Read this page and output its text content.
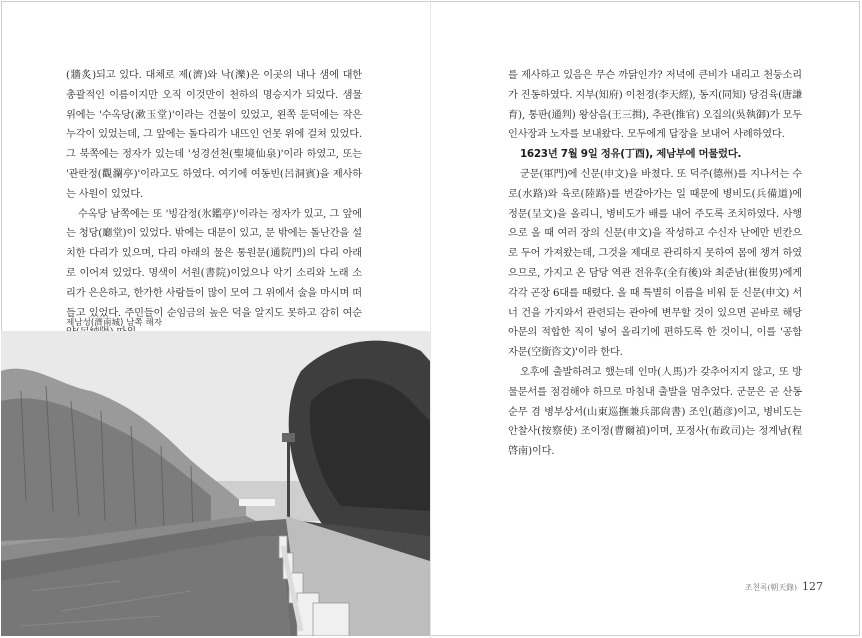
(牆炙)되고 있다. 대체로 제(濟)와 낙(濼)은 이곳의 내나 샘에 대한 총괄적인 이름이지만 오직 이것만이 천하의 명승지가 되었다. 샘물 위에는 '수옥당(漱玉堂)'이라는 건물이 있었고, 왼쪽 둔덕에는 작은 누각이 있었는데, 그 앞에는 돌다리가 내뜨인 언못 위에 걸쳐 있었다. 그 북쪽에는 정자가 있는데 '성경선천(聖境仙泉)'이라 하였고, 또는 '관란정(觀瀾亭)'이라고도 하였다. 여기에 여동빈(呂洞賓)을 제사하는 사원이 있었다.

수옥당 남쪽에는 또 '빙감정(氷鑑亭)'이라는 정자가 있고, 그 앞에는 청당(廳堂)이 있었다. 밖에는 대문이 있고, 문 밖에는 돌난간을 설치한 다리가 있으며, 다리 아래의 물은 통원문(通院門)의 다리 아래로 이어져 있었다. 명색이 서원(書院)이었으나 악기 소리와 노래 소리가 은은하고, 한가한 사람들이 많이 모여 그 위에서 술을 마시며 떠들고 있었다. 주민들이 순임금의 높은 덕을 알지도 못하고 감히 여순

제남성(濟南城) 남쪽 해자

를 제사하고 있음은 무슨 까닭인가? 저녁에 큰비가 내리고 천둥소리가 진동하였다. 지부(知府) 이천경(李天經), 동지(同知) 당검육(唐謙育), 통판(通判) 왕삼음(王三揖), 추관(推官) 오집의(吳執御)가 모두 인사장과 노자를 보내왔다. 모두에게 답장을 보내어 사례하였다.

1623년 7월 9일 정유(丁酉), 제남부에 머물렀다.

군문(軍門)에 신문(申文)을 바쳤다. 또 덕주(德州)를 지나서는 수로(水路)와 육로(陸路)를 번갈아가는 일 때문에 병비도(兵備道)에 정문(呈文)을 올리니, 병비도가 배를 내어 주도록 조치하였다. 사행으로 올 때 여러 장의 신문(申文)을 작성하고 수신자 난에만 빈칸으로 두어 가져왔는데, 그것을 제대로 관리하지 못하여 몸에 챙겨 하였으므로, 가지고 온 담당 역관 전유후(全有後)와 최준남(崔俊男)에게 각각 곤장 6대를 때렸다. 올 때 특별히 이름을 비워 둔 신문(申文) 서너 건을 가지와서 관련되는 관아에 변무할 것이 있으면 곧바로 해당 아문의 적합한 직이 넣어 올리기에 편하도록 한 것이니, 이를 '공함자문(空銜咨文)'이라 한다.

오후에 출발하려고 했는데 인마(人馬)가 갖추어지지 않고, 또 방물문서를 점검해야 하므로 마침내 출발을 멈추었다. 군문은 곧 산동순무 겸 병부상서(山東巡撫兼兵部尙書) 조인(趙彦)이고, 병비도는 안찰사(按察使) 조이정(曹爾禎)이며, 포정사(布政司)는 정계남(程啓南)이다.

조천록(朝天錄) 127
